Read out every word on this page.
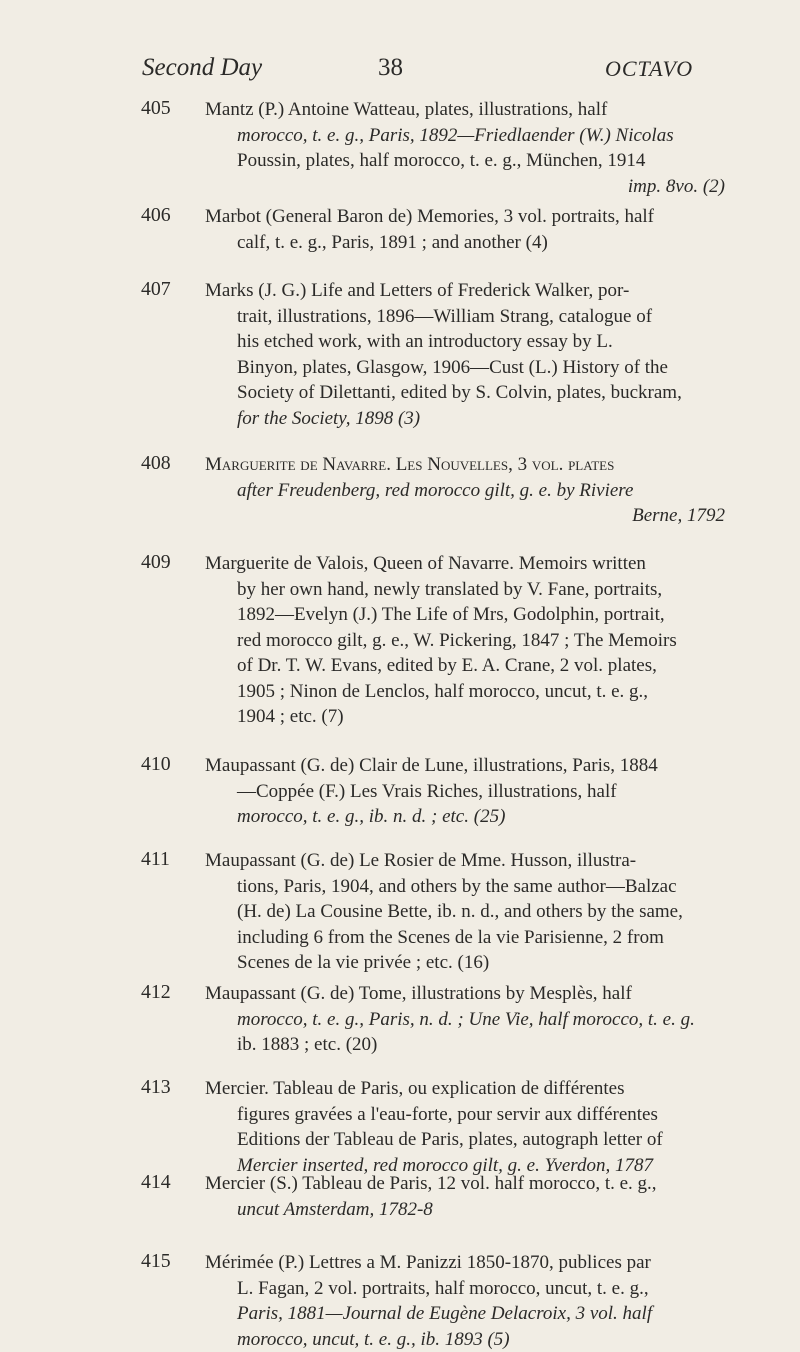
Second Day	38	OCTAVO
405	Mantz (P.) Antoine Watteau, plates, illustrations, half
morocco, t. e. g., Paris, 1892—Friedlaender (W.) Nicolas
Poussin, plates, half morocco, t. e. g., München, 1914
imp. 8vo. (2)
406	Marbot (General Baron de) Memories, 3 vol. portraits, half
calf, t. e. g., Paris, 1891 ; and another (4)
407	Marks (J. G.) Life and Letters of Frederick Walker, por-
trait, illustrations, 1896—William Strang, catalogue of
his etched work, with an introductory essay by L.
Binyon, plates, Glasgow, 1906—Cust (L.) History of the
Society of Dilettanti, edited by S. Colvin, plates, buckram,
for the Society, 1898 (3)
408	Marguerite de Navarre. Les Nouvelles, 3 vol. plates
after Freudenberg, red morocco gilt, g. e. by Riviere
Berne, 1792
409	Marguerite de Valois, Queen of Navarre. Memoirs written
by her own hand, newly translated by V. Fane, portraits,
1892—Evelyn (J.) The Life of Mrs, Godolphin, portrait,
red morocco gilt, g. e., W. Pickering, 1847 ; The Memoirs
of Dr. T. W. Evans, edited by E. A. Crane, 2 vol. plates,
1905 ; Ninon de Lenclos, half morocco, uncut, t. e. g.,
1904 ; etc. (7)
410	Maupassant (G. de) Clair de Lune, illustrations, Paris, 1884
—Coppée (F.) Les Vrais Riches, illustrations, half
morocco, t. e. g., ib. n. d. ; etc. (25)
411	Maupassant (G. de) Le Rosier de Mme. Husson, illustra-
tions, Paris, 1904, and others by the same author—Balzac
(H. de) La Cousine Bette, ib. n. d., and others by the same,
including 6 from the Scenes de la vie Parisienne, 2 from
Scenes de la vie privée ; etc. (16)
412	Maupassant (G. de) Tome, illustrations by Mesplès, half
morocco, t. e. g., Paris, n. d. ; Une Vie, half morocco, t. e. g.
ib. 1883 ; etc. (20)
413	Mercier. Tableau de Paris, ou explication de différentes
figures gravées a l'eau-forte, pour servir aux différentes
Editions der Tableau de Paris, plates, autograph letter of
Mercier inserted, red morocco gilt, g. e. Yverdon, 1787
414	Mercier (S.) Tableau de Paris, 12 vol. half morocco, t. e. g.,
uncut Amsterdam, 1782-8
415	Mérimée (P.) Lettres a M. Panizzi 1850-1870, publices par
L. Fagan, 2 vol. portraits, half morocco, uncut, t. e. g.,
Paris, 1881—Journal de Eugène Delacroix, 3 vol. half
morocco, uncut, t. e. g., ib. 1893 (5)
